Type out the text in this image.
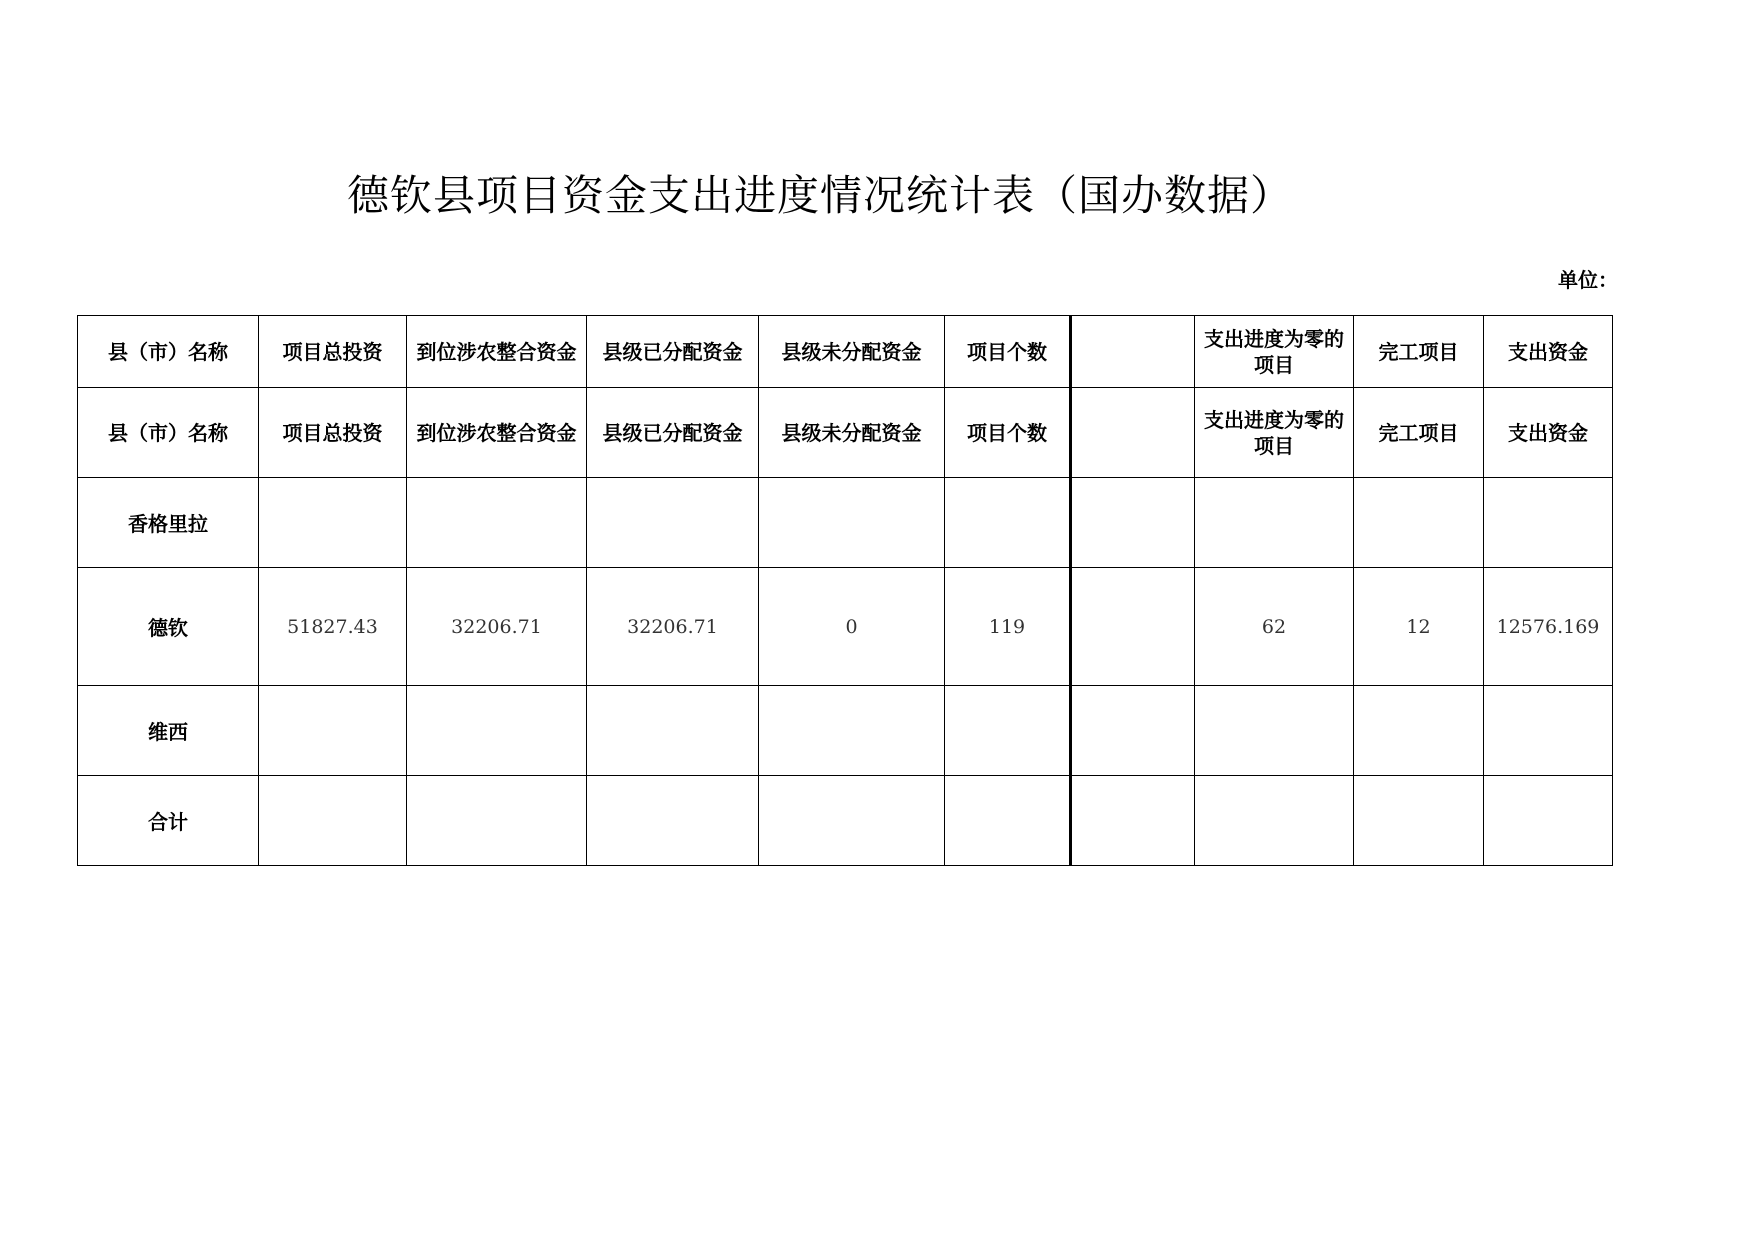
德钦县项目资金支出进度情况统计表（国办数据）
单位：
县（市）名称	项目总投资	到位涉农整合资金	县级已分配资金	县级未分配资金	项目个数		支出进度为零的项目	完工项目	支出资金
县（市）名称	项目总投资	到位涉农整合资金	县级已分配资金	县级未分配资金	项目个数		支出进度为零的项目	完工项目	支出资金
香格里拉									
德钦	51827.43	32206.71	32206.71	0	119		62	12	12576.169
维西									
合计									
